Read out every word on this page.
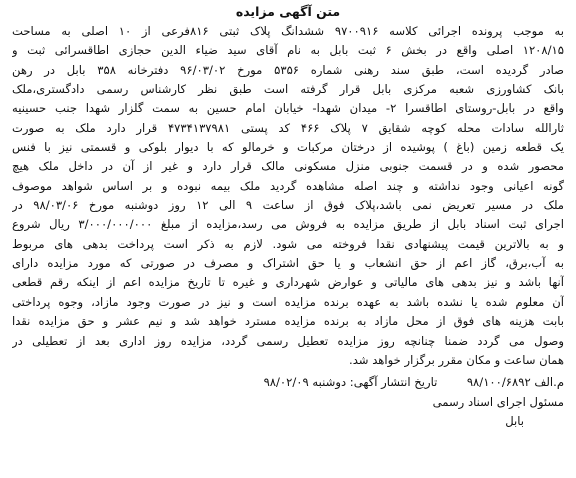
متن آگهی مزایده
به موجب پرونده اجرائی کلاسه ۹۷۰۰۹۱۶ ششدانگ پلاک ثبتی ۸۱۶فرعی از ۱۰ اصلی به مساحت
۱۲۰۸/۱۵ اصلی واقع در بخش ۶ ثبت بابل به نام آقای سید ضیاء الدین حجازی اطاقسرائی ثبت و
صادر گردیده است، طبق سند رهنی شماره ۵۳۵۶ مورخ ۹۶/۰۳/۰۲ دفترخانه ۳۵۸ بابل در رهن
بانک کشاورزی شعبه مرکزی بابل قرار گرفته است طبق نظر کارشناس رسمی دادگستری،ملک
واقع در بابل-روستای اطاقسرا ۲- میدان شهدا- خیابان امام حسین به سمت گلزار شهدا جنب حسینیه
ثارالله سادات محله کوچه شقایق ۷ پلاک ۴۶۶ کد پستی ۴۷۳۴۱۳۷۹۸۱ قرار دارد ملک به صورت
یک قطعه زمین (باغ ) پوشیده از درختان مرکبات و خرمالو که با دیوار بلوکی و قسمتی نیز با فنس
محصور شده و در قسمت جنوبی منزل مسکونی مالک قرار دارد و غیر از آن در داخل ملک هیچ
گونه اعیانی وجود نداشته و چند اصله مشاهده گردید ملک بیمه نبوده و بر اساس شواهد موصوف
ملک در مسیر تعریض نمی باشد،پلاک فوق از ساعت ۹ الی ۱۲ روز دوشنبه مورخ ۹۸/۰۳/۰۶ در
اجرای ثبت اسناد بابل از طریق مزایده به فروش می رسد،مزایده از مبلغ ۳/۰۰۰/۰۰۰/۰۰۰ ریال شروع
و به بالاترین قیمت پیشنهادی نقدا فروخته می شود. لازم به ذکر است پرداخت بدهی های مربوط
به آب،برق، گاز اعم از حق انشعاب و یا حق اشتراک و مصرف در صورتی که مورد مزایده دارای
آنها باشد و نیز بدهی های مالیاتی و عوارض شهرداری و غیره تا تاریخ مزایده اعم از اینکه رقم قطعی
آن معلوم شده یا نشده باشد به عهده برنده مزایده است و نیز در صورت وجود مازاد، وجوه پرداختی
بابت هزینه های فوق از محل مازاد به برنده مزایده مسترد خواهد شد و نیم عشر و حق مزایده نقدا
وصول می گردد ضمنا چنانچه روز مزایده تعطیل رسمی گردد، مزایده روز اداری بعد از تعطیلی در
همان ساعت و مکان مقرر برگزار خواهد شد.
م.الف ۹۸/۱۰۰/۶۸۹۲        تاریخ انتشار آگهی: دوشنبه ۹۸/۰۲/۰۹
مسئول اجرای اسناد رسمی
بابل
